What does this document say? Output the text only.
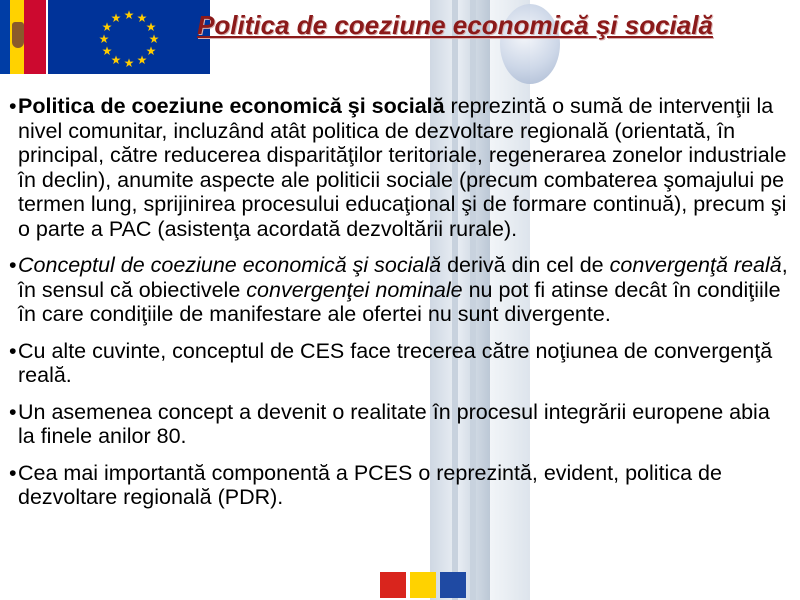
★ ★
★
★
★
★
★
★
★
★
★
★	Politica de coeziune economică şi socială

• Politica de coeziune economică şi socială reprezintă o sumă de intervenţii la nivel comunitar, incluzând atât politica de dezvoltare regională (orientată, în principal, către reducerea disparităţilor teritoriale, regenerarea zonelor industriale în declin), anumite aspecte ale politicii sociale (precum combaterea şomajului pe termen lung, sprijinirea procesului educaţional şi de formare continuă), precum şi o parte a PAC (asistenţa acordată dezvoltării rurale).

• Conceptul de coeziune economică şi socială derivă din cel de convergenţă reală, în sensul că obiectivele convergenţei nominale nu pot fi atinse decât în condiţiile în care condiţiile de manifestare ale ofertei nu sunt divergente.

• Cu alte cuvinte, conceptul de CES face trecerea către noţiunea de convergenţă reală.

• Un asemenea concept a devenit o realitate în procesul integrării europene abia la finele anilor 80.

• Cea mai importantă componentă a PCES o reprezintă, evident, politica de dezvoltare regională (PDR).
